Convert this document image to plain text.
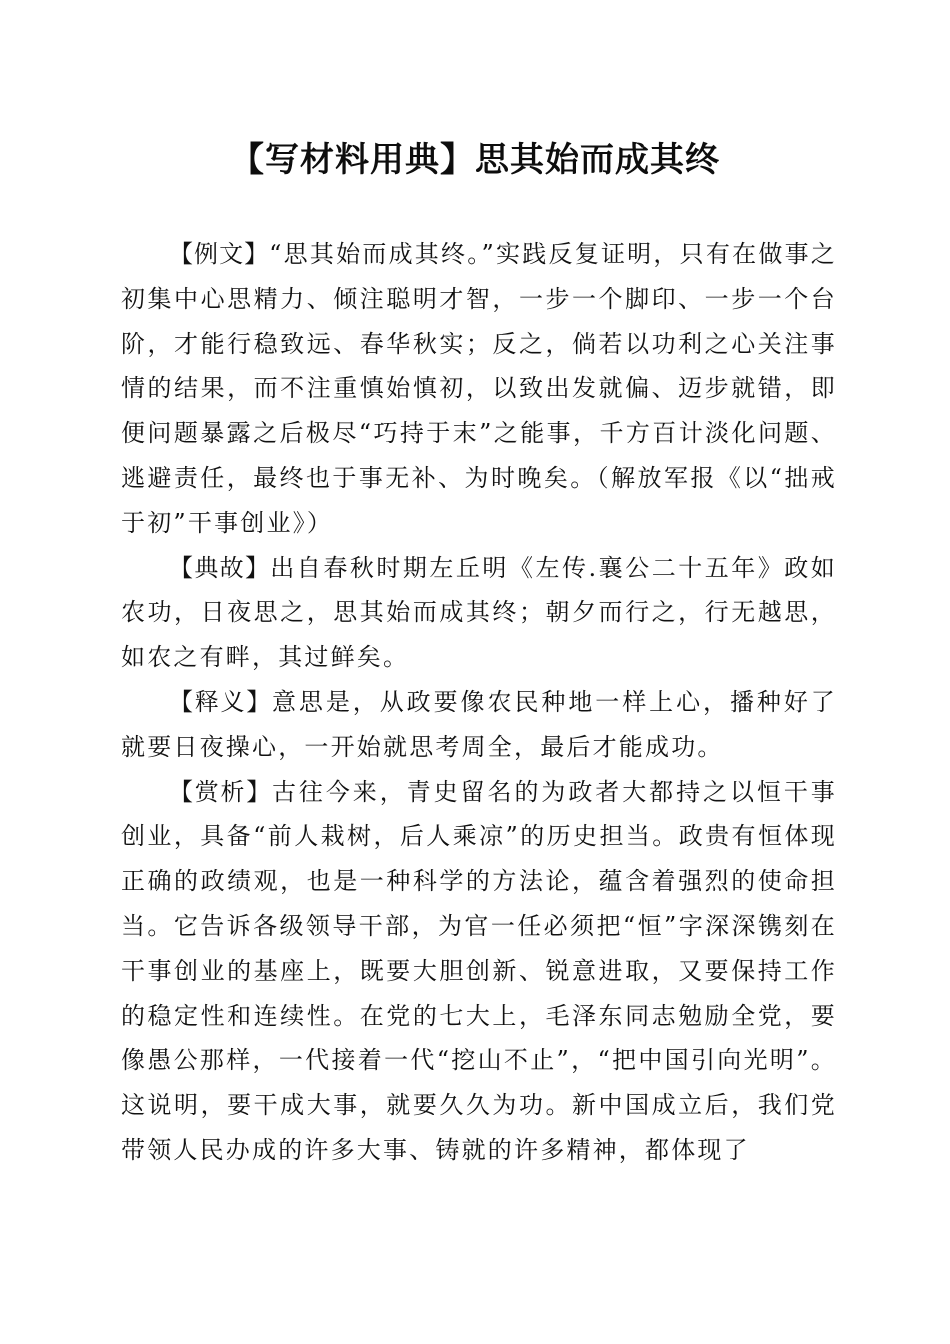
【写材料用典】思其始而成其终

【例文】“思其始而成其终。”实践反复证明，只有在做事之初集中心思精力、倾注聪明才智，一步一个脚印、一步一个台阶，才能行稳致远、春华秋实；反之，倘若以功利之心关注事情的结果，而不注重慎始慎初，以致出发就偏、迈步就错，即便问题暴露之后极尽“巧持于末”之能事，千方百计淡化问题、逃避责任，最终也于事无补、为时晚矣。（解放军报《以“拙戒于初”干事创业》）

【典故】出自春秋时期左丘明《左传.襄公二十五年》政如农功，日夜思之，思其始而成其终；朝夕而行之，行无越思，如农之有畔，其过鲜矣。

【释义】意思是，从政要像农民种地一样上心，播种好了就要日夜操心，一开始就思考周全，最后才能成功。

【赏析】古往今来，青史留名的为政者大都持之以恒干事创业，具备“前人栽树，后人乘凉”的历史担当。政贵有恒体现正确的政绩观，也是一种科学的方法论，蕴含着强烈的使命担当。它告诉各级领导干部，为官一任必须把“恒”字深深镌刻在干事创业的基座上，既要大胆创新、锐意进取，又要保持工作的稳定性和连续性。在党的七大上，毛泽东同志勉励全党，要像愚公那样，一代接着一代“挖山不止”，“把中国引向光明”。这说明，要干成大事，就要久久为功。新中国成立后，我们党带领人民办成的许多大事、铸就的许多精神，都体现了
